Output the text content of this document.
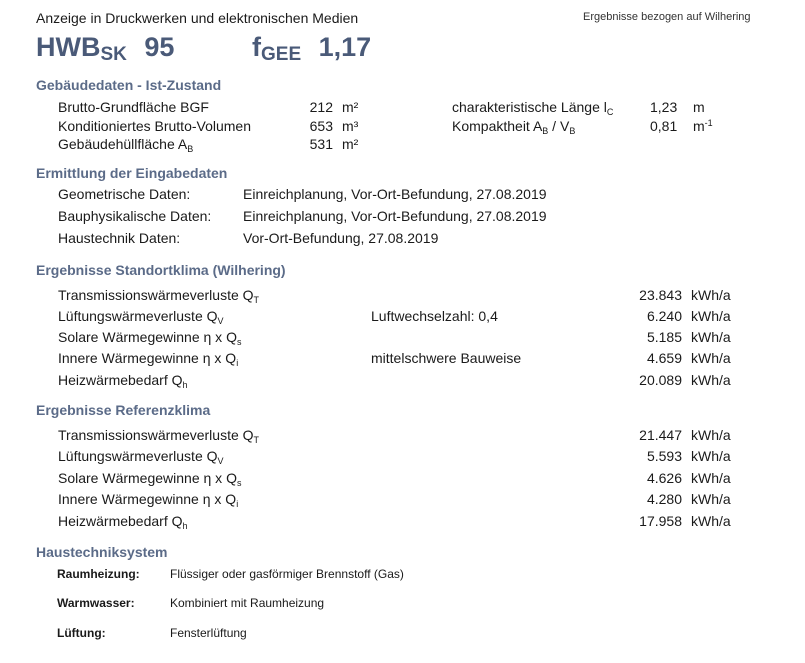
Anzeige in Druckwerken und elektronischen Medien	Ergebnisse bezogen auf Wilhering
$HWB_{SK}$ 95	$f_{GEE}$ 1,17
Gebäudedaten - Ist-Zustand
Brutto-Grundfläche BGF	212 m²
Konditioniertes Brutto-Volumen	653 m³
Gebäudehüllfläche $A_B$	531 m²
charakteristische Länge $l_C$	1,23 m
Kompaktheit $A_B / V_B$	0,81 $m^{-1}$
Ermittlung der Eingabedaten
Geometrische Daten:	Einreichplanung, Vor-Ort-Befundung, 27.08.2019
Bauphysikalische Daten: Einreichplanung, Vor-Ort-Befundung, 27.08.2019
Haustechnik Daten:	Vor-Ort-Befundung, 27.08.2019
Ergebnisse Standortklima (Wilhering)
Transmissionswärmeverluste $Q_T$	23.843 kWh/a
Lüftungswärmeverluste $Q_V$	Luftwechselzahl: 0,4	6.240 kWh/a
Solare Wärmegewinne η x $Q_s$	5.185 kWh/a
Innere Wärmegewinne η x $Q_i$	mittelschwere Bauweise	4.659 kWh/a
Heizwärmebedarf $Q_h$	20.089 kWh/a
Ergebnisse Referenzklima
Transmissionswärmeverluste $Q_T$	21.447 kWh/a
Lüftungswärmeverluste $Q_V$	5.593 kWh/a
Solare Wärmegewinne η x $Q_s$	4.626 kWh/a
Innere Wärmegewinne η x $Q_i$	4.280 kWh/a
Heizwärmebedarf $Q_h$	17.958 kWh/a
Haustechniksystem
Raumheizung:	Flüssiger oder gasförmiger Brennstoff (Gas)
Warmwasser:	Kombiniert mit Raumheizung
Lüftung:	Fensterlüftung
